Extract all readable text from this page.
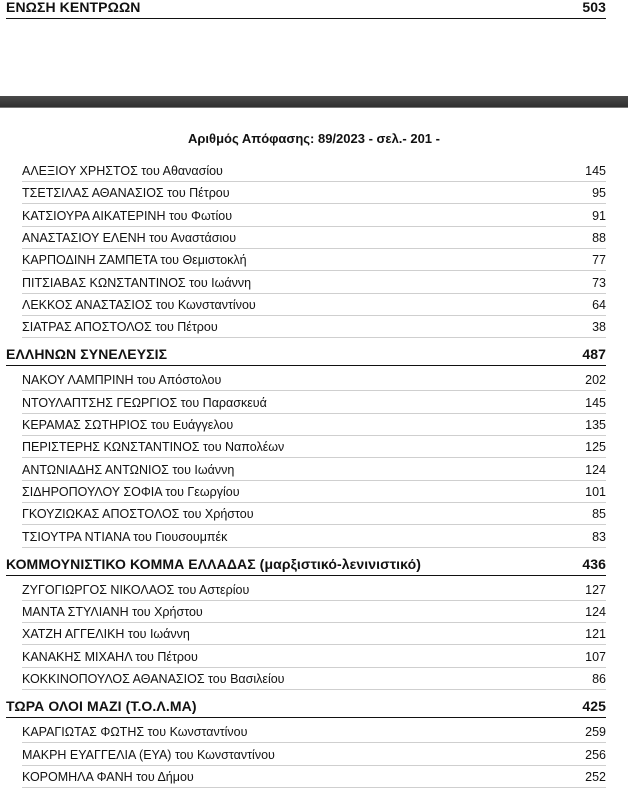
ΕΝΩΣΗ ΚΕΝΤΡΩΩΝ	503
Αριθμός Απόφασης: 89/2023 - σελ.- 201 -
ΑΛΕΞΙΟΥ ΧΡΗΣΤΟΣ του Αθανασίου	145
ΤΣΕΤΣΙΛΑΣ ΑΘΑΝΑΣΙΟΣ του Πέτρου	95
ΚΑΤΣΙΟΥΡΑ ΑΙΚΑΤΕΡΙΝΗ του Φωτίου	91
ΑΝΑΣΤΑΣΙΟΥ ΕΛΕΝΗ του Αναστάσιου	88
ΚΑΡΠΟΔΙΝΗ ΖΑΜΠΕΤΑ του Θεμιστοκλή	77
ΠΙΤΣΙΑΒΑΣ ΚΩΝΣΤΑΝΤΙΝΟΣ του Ιωάννη	73
ΛΕΚΚΟΣ ΑΝΑΣΤΑΣΙΟΣ του Κωνσταντίνου	64
ΣΙΑΤΡΑΣ ΑΠΟΣΤΟΛΟΣ του Πέτρου	38
ΕΛΛΗΝΩΝ ΣΥΝΕΛΕΥΣΙΣ	487
ΝΑΚΟΥ ΛΑΜΠΡΙΝΗ του Απόστολου	202
ΝΤΟΥΛΑΠΤΣΗΣ ΓΕΩΡΓΙΟΣ του Παρασκευά	145
ΚΕΡΑΜΑΣ ΣΩΤΗΡΙΟΣ του Ευάγγελου	135
ΠΕΡΙΣΤΕΡΗΣ ΚΩΝΣΤΑΝΤΙΝΟΣ του Ναπολέων	125
ΑΝΤΩΝΙΑΔΗΣ ΑΝΤΩΝΙΟΣ του Ιωάννη	124
ΣΙΔΗΡΟΠΟΥΛΟΥ ΣΟΦΙΑ του Γεωργίου	101
ΓΚΟΥΖΙΩΚΑΣ ΑΠΟΣΤΟΛΟΣ του Χρήστου	85
ΤΣΙΟΥΤΡΑ ΝΤΙΑΝΑ του Γιουσουμπέκ	83
ΚΟΜΜΟΥΝΙΣΤΙΚΟ ΚΟΜΜΑ ΕΛΛΑΔΑΣ (μαρξιστικό-λενινιστικό)	436
ΖΥΓΟΓΙΩΡΓΟΣ ΝΙΚΟΛΑΟΣ του Αστερίου	127
ΜΑΝΤΑ ΣΤΥΛΙΑΝΗ του Χρήστου	124
ΧΑΤΖΗ ΑΓΓΕΛΙΚΗ του Ιωάννη	121
ΚΑΝΑΚΗΣ ΜΙΧΑΗΛ του Πέτρου	107
ΚΟΚΚΙΝΟΠΟΥΛΟΣ ΑΘΑΝΑΣΙΟΣ του Βασιλείου	86
ΤΩΡΑ ΟΛΟΙ ΜΑΖΙ (Τ.Ο.Λ.ΜΑ)	425
ΚΑΡΑΓΙΩΤΑΣ ΦΩΤΗΣ του Κωνσταντίνου	259
ΜΑΚΡΗ ΕΥΑΓΓΕΛΙΑ (ΕΥΑ) του Κωνσταντίνου	256
ΚΟΡΟΜΗΛΑ ΦΑΝΗ του Δήμου	252
